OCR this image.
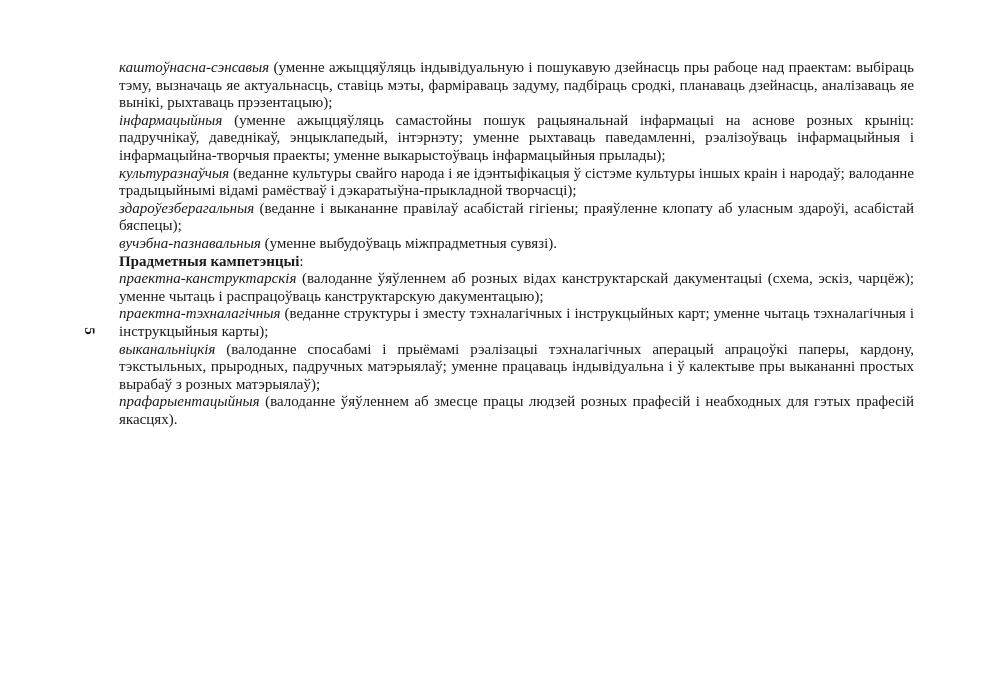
5

каштоўнасна-сэнсавыя (уменне ажыццяўляць індывідуальную і пошукавую дзейнасць пры рабоце над праектам: выбіраць тэму, вызначаць яе актуальнасць, ставіць мэты, фарміраваць задуму, падбіраць сродкі, планаваць дзейнасць, аналізаваць яе вынікі, рыхтаваць прэзентацыю);

інфармацыйныя (уменне ажыццяўляць самастойны пошук рацыянальнай інфармацыі на аснове розных крыніц: падручнікаў, даведнікаў, энцыклапедый, інтэрнэту; уменне рыхтаваць паведамленні, рэалізоўваць інфармацыйныя і інфармацыйна-творчыя праекты; уменне выкарыстоўваць інфармацыйныя прылады);

культуразнаўчыя (веданне культуры свайго народа і яе ідэнтыфікацыя ў сістэме культуры іншых краін і народаў; валоданне традыцыйнымі відамі рамёстваў і дэкаратыўна-прыкладной творчасці);

здароўезберагальныя (веданне і выкананне правілаў асабістай гігіены; праяўленне клопату аб уласным здароўі, асабістай бяспецы);

вучэбна-пазнавальныя (уменне выбудоўваць міжпрадметныя сувязі).

Прадметныя кампетэнцыі:

праектна-канструктарскія (валоданне ўяўленнем аб розных відах канструктарскай дакументацыі (схема, эскіз, чарцёж); уменне чытаць і распрацоўваць канструктарскую дакументацыю);

праектна-тэхналагічныя (веданне структуры і зместу тэхналагічных і інструкцыйных карт; уменне чытаць тэхналагічныя і інструкцыйныя карты);

выканальніцкія (валоданне спосабамі і прыёмамі рэалізацыі тэхналагічных аперацый апрацоўкі паперы, кардону, тэкстыльных, прыродных, падручных матэрыялаў; уменне працаваць індывідуальна і ў калектыве пры выкананні простых вырабаў з розных матэрыялаў);

прафарыентацыйныя (валоданне ўяўленнем аб змесце працы людзей розных прафесій і неабходных для гэтых прафесій якасцях).
